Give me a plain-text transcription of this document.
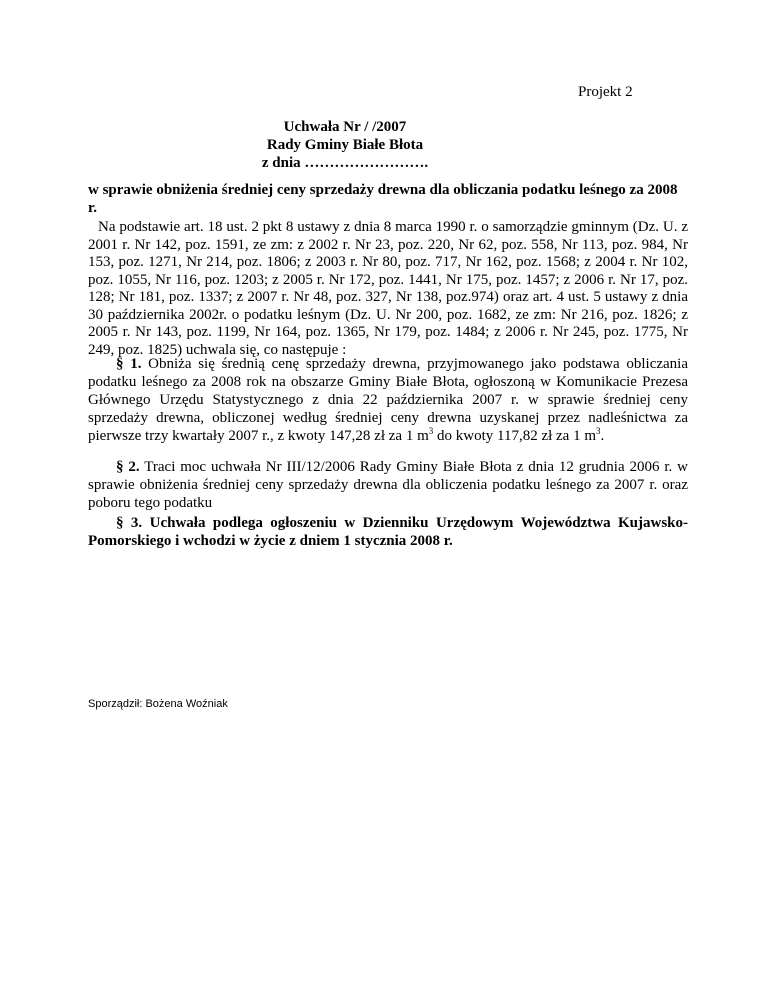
Projekt 2
Uchwała Nr / /2007
Rady Gminy Białe Błota
z dnia …………………….
w sprawie obniżenia średniej ceny sprzedaży drewna dla obliczania podatku leśnego za 2008 r.
Na podstawie art. 18 ust. 2 pkt 8 ustawy z dnia 8 marca 1990 r. o samorządzie gminnym (Dz. U. z 2001 r. Nr 142, poz. 1591, ze zm: z 2002 r. Nr 23, poz. 220, Nr 62, poz. 558, Nr 113, poz. 984, Nr 153, poz. 1271, Nr 214, poz. 1806; z 2003 r. Nr 80, poz. 717, Nr 162, poz. 1568; z 2004 r. Nr 102, poz. 1055, Nr 116, poz. 1203; z 2005 r. Nr 172, poz. 1441, Nr 175, poz. 1457; z 2006 r. Nr 17, poz. 128; Nr 181, poz. 1337; z 2007 r. Nr 48, poz. 327, Nr 138, poz.974) oraz art. 4 ust. 5 ustawy z dnia 30 października 2002r. o podatku leśnym (Dz. U. Nr 200, poz. 1682, ze zm: Nr 216, poz. 1826; z 2005 r. Nr 143, poz. 1199, Nr 164, poz. 1365, Nr 179, poz. 1484; z 2006 r. Nr 245, poz. 1775, Nr 249, poz. 1825) uchwala się, co następuje :
§ 1. Obniża się średnią cenę sprzedaży drewna, przyjmowanego jako podstawa obliczania podatku leśnego za 2008 rok na obszarze Gminy Białe Błota, ogłoszoną w Komunikacie Prezesa Głównego Urzędu Statystycznego z dnia 22 października 2007 r. w sprawie średniej ceny sprzedaży drewna, obliczonej według średniej ceny drewna uzyskanej przez nadleśnictwa za pierwsze trzy kwartały 2007 r., z kwoty 147,28 zł za 1 $m^3$ do kwoty 117,82 zł za 1 $m^3$.
§ 2. Traci moc uchwała Nr III/12/2006 Rady Gminy Białe Błota z dnia 12 grudnia 2006 r. w sprawie obniżenia średniej ceny sprzedaży drewna dla obliczenia podatku leśnego za 2007 r. oraz poboru tego podatku
§ 3. Uchwała podlega ogłoszeniu w Dzienniku Urzędowym Województwa Kujawsko-Pomorskiego i wchodzi w życie z dniem 1 stycznia 2008 r.
Sporządził: Bożena Woźniak
